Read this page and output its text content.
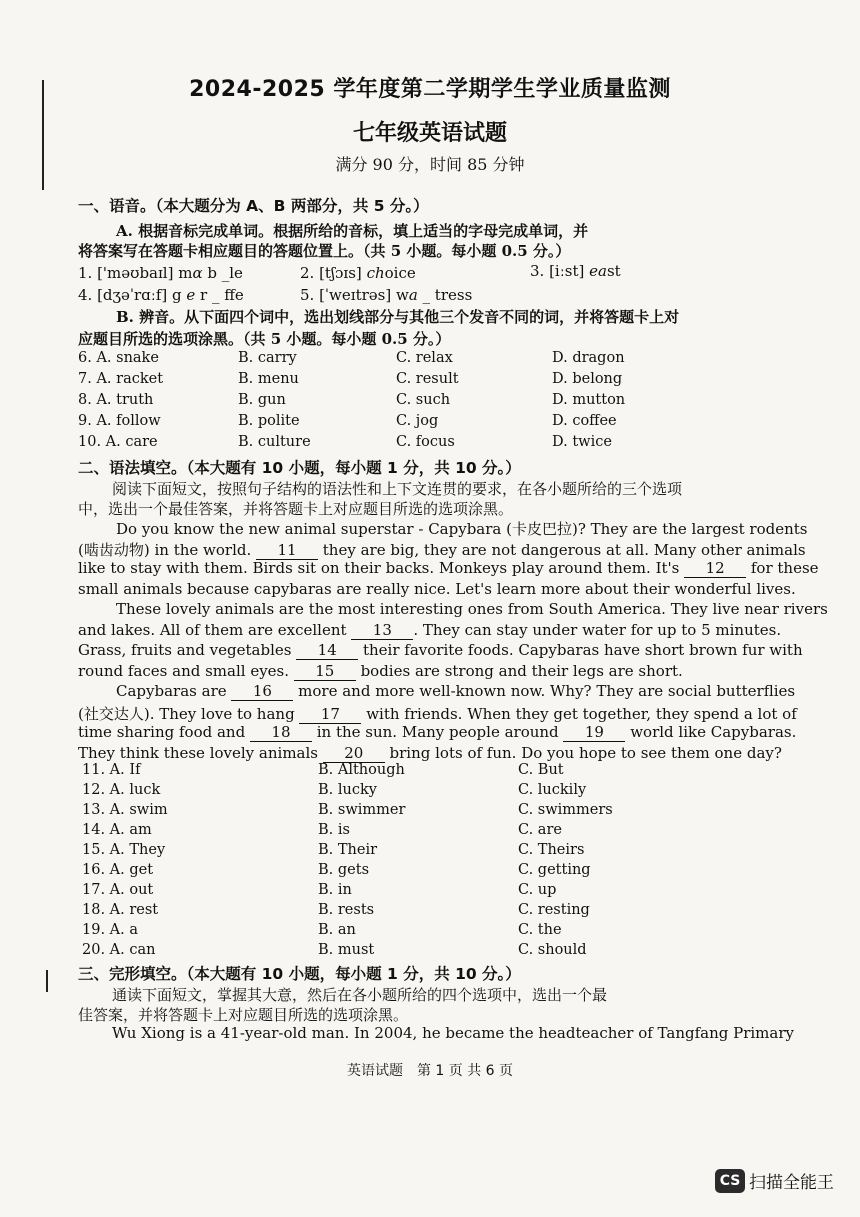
2024-2025 学年度第二学期学生学业质量监测
七年级英语试题
满分 90 分，时间 85 分钟
一、语音。（本大题分为 A、B 两部分，共 5 分。）
A. 根据音标完成单词。根据所给的音标，填上适当的字母完成单词，并
将答案写在答题卡相应题目的答题位置上。（共 5 小题。每小题 0.5 分。）
1. ['məʊbaɪl] mɑ b _le	2. [tʃɔɪs] choice	3. [iːst] east
4. [dʒəˈrɑːf] g e r _ ffe	5. [ˈweɪtrəs] wa _ tress
B. 辨音。从下面四个词中，选出划线部分与其他三个发音不同的词，并将答题卡上对
应题目所选的选项涂黑。（共 5 小题。每小题 0.5 分。）
6. A. snake	B. carry	C. relax	D. dragon
7. A. racket	B. menu	C. result	D. belong
8. A. truth	B. gun	C. such	D. mutton
9. A. follow	B. polite	C. jog	D. coffee
10. A. care	B. culture	C. focus	D. twice
二、语法填空。（本大题有 10 小题，每小题 1 分，共 10 分。）
阅读下面短文，按照句子结构的语法性和上下文连贯的要求，在各小题所给的三个选项
中，选出一个最佳答案，并将答题卡上对应题目所选的选项涂黑。
Do you know the new animal superstar - Capybara (卡皮巴拉)? They are the largest rodents
(啮齿动物) in the world. 11 they are big, they are not dangerous at all. Many other animals
like to stay with them. Birds sit on their backs. Monkeys play around them. It's 12 for these
small animals because capybaras are really nice. Let's learn more about their wonderful lives.
These lovely animals are the most interesting ones from South America. They live near rivers
and lakes. All of them are excellent 13 . They can stay under water for up to 5 minutes.
Grass, fruits and vegetables 14 their favorite foods. Capybaras have short brown fur with
round faces and small eyes. 15 bodies are strong and their legs are short.
Capybaras are 16 more and more well-known now. Why? They are social butterflies
(社交达人). They love to hang 17 with friends. When they get together, they spend a lot of
time sharing food and 18 in the sun. Many people around 19 world like Capybaras.
They think these lovely animals 20 bring lots of fun. Do you hope to see them one day?
11. A. If	B. Although	C. But
12. A. luck	B. lucky	C. luckily
13. A. swim	B. swimmer	C. swimmers
14. A. am	B. is	C. are
15. A. They	B. Their	C. Theirs
16. A. get	B. gets	C. getting
17. A. out	B. in	C. up
18. A. rest	B. rests	C. resting
19. A. a	B. an	C. the
20. A. can	B. must	C. should
三、完形填空。（本大题有 10 小题，每小题 1 分，共 10 分。）
通读下面短文，掌握其大意，然后在各小题所给的四个选项中，选出一个最
佳答案，并将答题卡上对应题目所选的选项涂黑。
Wu Xiong is a 41-year-old man. In 2004, he became the headteacher of Tangfang Primary
英语试题　第 1 页 共 6 页
CS 扫描全能王
